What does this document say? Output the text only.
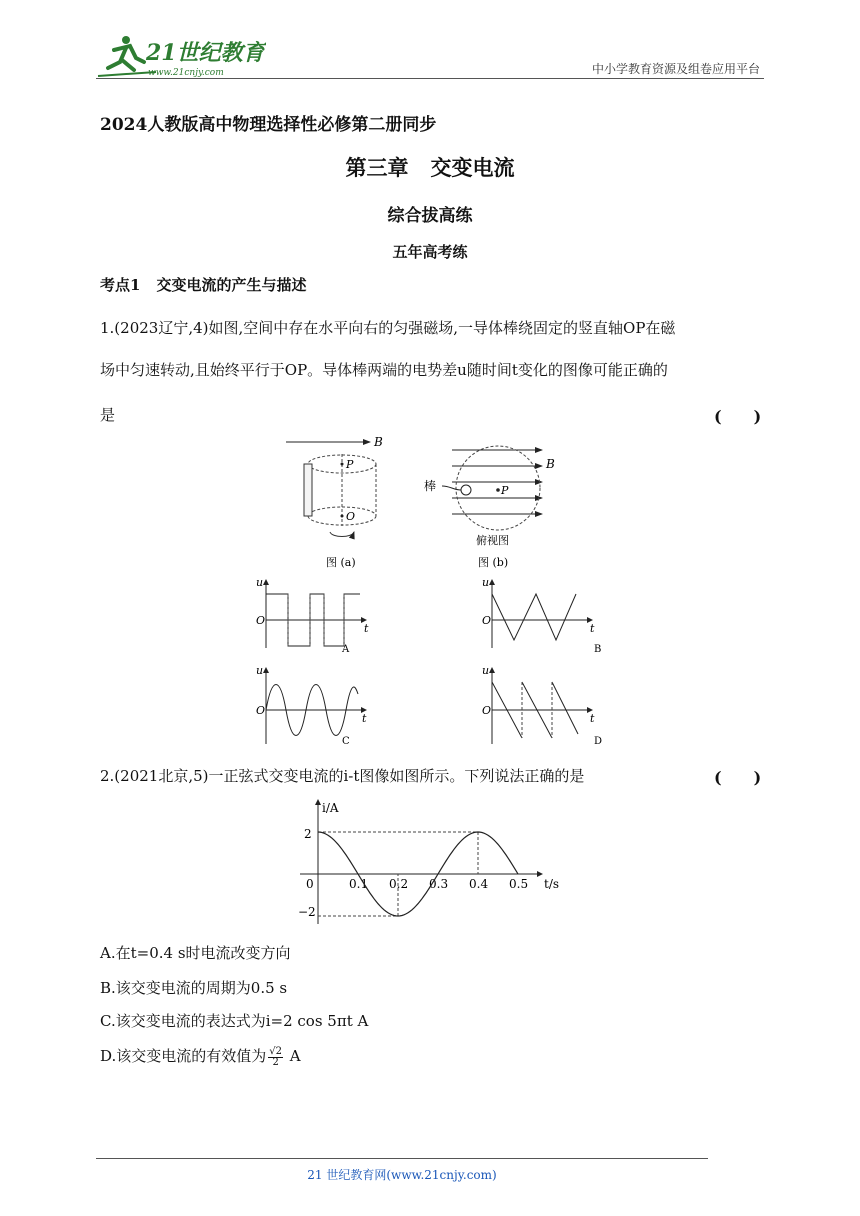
21世纪教育
www.21cnjy.com	中小学教育资源及组卷应用平台
2024人教版高中物理选择性必修第二册同步
第三章 交变电流
综合拔高练
五年高考练
考点1 交变电流的产生与描述
1.(2023辽宁,4)如图,空间中存在水平向右的匀强磁场,一导体棒绕固定的竖直轴OP在磁
场中匀速转动,且始终平行于OP。导体棒两端的电势差u随时间t变化的图像可能正确的
是	(　　)
B
P
O
图 (a)
B
P
棒
俯视图
图 (b)
u
O
t
A
u
O
t
B
u
O
t
C
u
O
t
D
2.(2021北京,5)一正弦式交变电流的i-t图像如图所示。下列说法正确的是	(　　)
i/A
t/s
0
2
−2
0.1 0.2 0.3 0.4 0.5
A.在t=0.4 s时电流改变方向
B.该交变电流的周期为0.5 s
C.该交变电流的表达式为i=2 cos 5πt A
D.该交变电流的有效值为 $\frac{√2}{2}$ A
21 世纪教育网(www.21cnjy.com)
